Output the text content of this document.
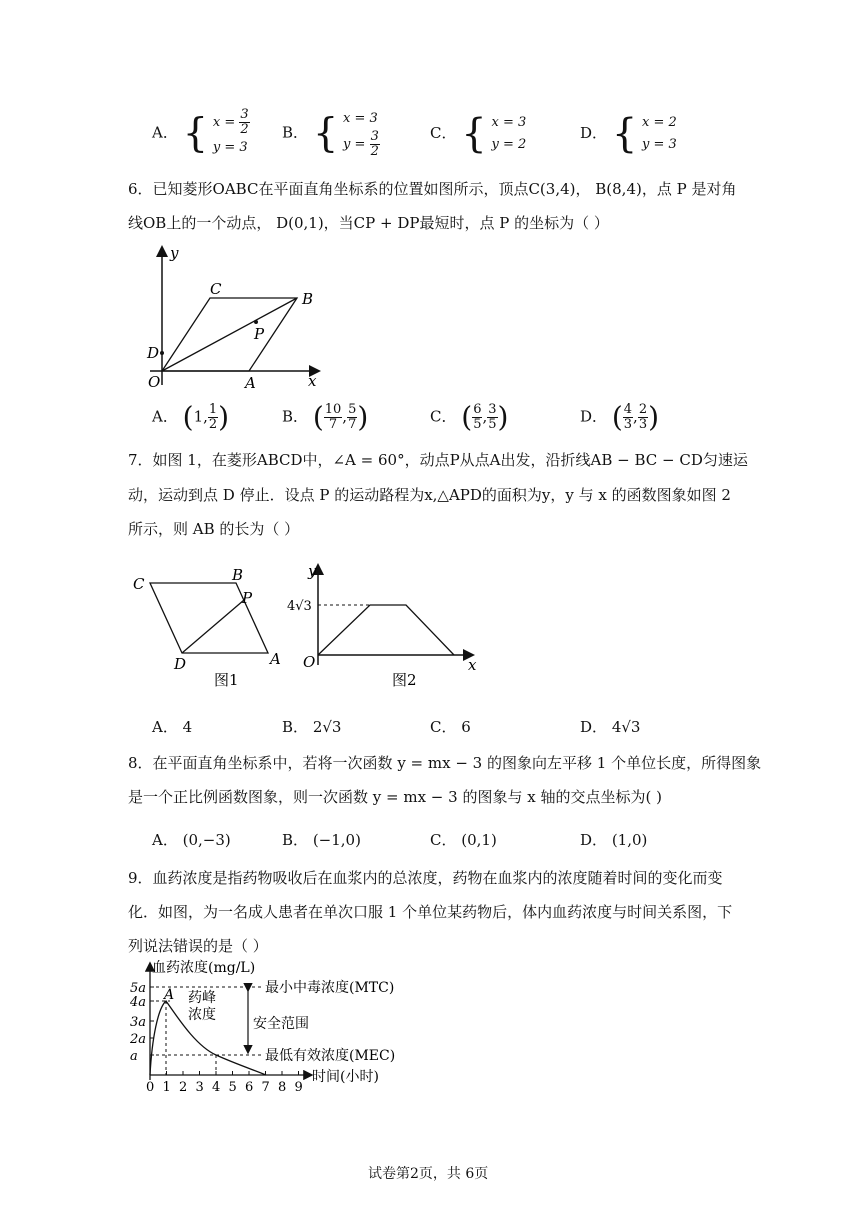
A． { $x = \frac{3}{2}$

y = 3
B． { x = 3
$y = \frac{3}{2}$	C． { x = 3
y = 2
D． { x = 2
y = 3
6．已知菱形OABC在平面直角坐标系的位置如图所示，顶点C(3,4)， B(8,4)，点 P 是对角
线OB上的一个动点， D(0,1)，当CP + DP最短时，点 P 的坐标为（ ）
y
x
O	A
B
C
D
P
A． (1, $\frac{1}{2}$ )	B． ( $\frac{10}{7}$ , $\frac{5}{7}$ )	C． ( $\frac{6}{5}$ , $\frac{3}{5}$ )	D． ( $\frac{4}{3}$ , $\frac{2}{3}$ )
7．如图 1，在菱形ABCD中，∠A = 60°，动点P从点A出发，沿折线AB − BC − CD匀速运
动，运动到点 D 停止．设点 P 的运动路程为x,△APD的面积为y，y 与 x 的函数图象如图 2
所示，则 AB 的长为（ ）
C	B
P
D	A
图1
y
x
O
4√3
图2
A． 4	B． 2√3	C． 6	D． 4√3
8．在平面直角坐标系中，若将一次函数 y = mx − 3 的图象向左平移 1 个单位长度，所得图象
是一个正比例函数图象，则一次函数 y = mx − 3 的图象与 x 轴的交点坐标为( )
A． (0,−3)	B． (−1,0)	C． (0,1)	D． (1,0)
9．血药浓度是指药物吸收后在血浆内的总浓度，药物在血浆内的浓度随着时间的变化而变
化．如图，为一名成人患者在单次口服 1 个单位某药物后，体内血药浓度与时间关系图，下
列说法错误的是（ ）
血药浓度(mg/L)
时间(小时)
最小中毒浓度(MTC)
最低有效浓度(MEC)
A 药峰
浓度
安全范围
5a
4a
3a
2a
a
0 1 2 3 4 5 6 7 8 9
试卷第2页，共 6页
